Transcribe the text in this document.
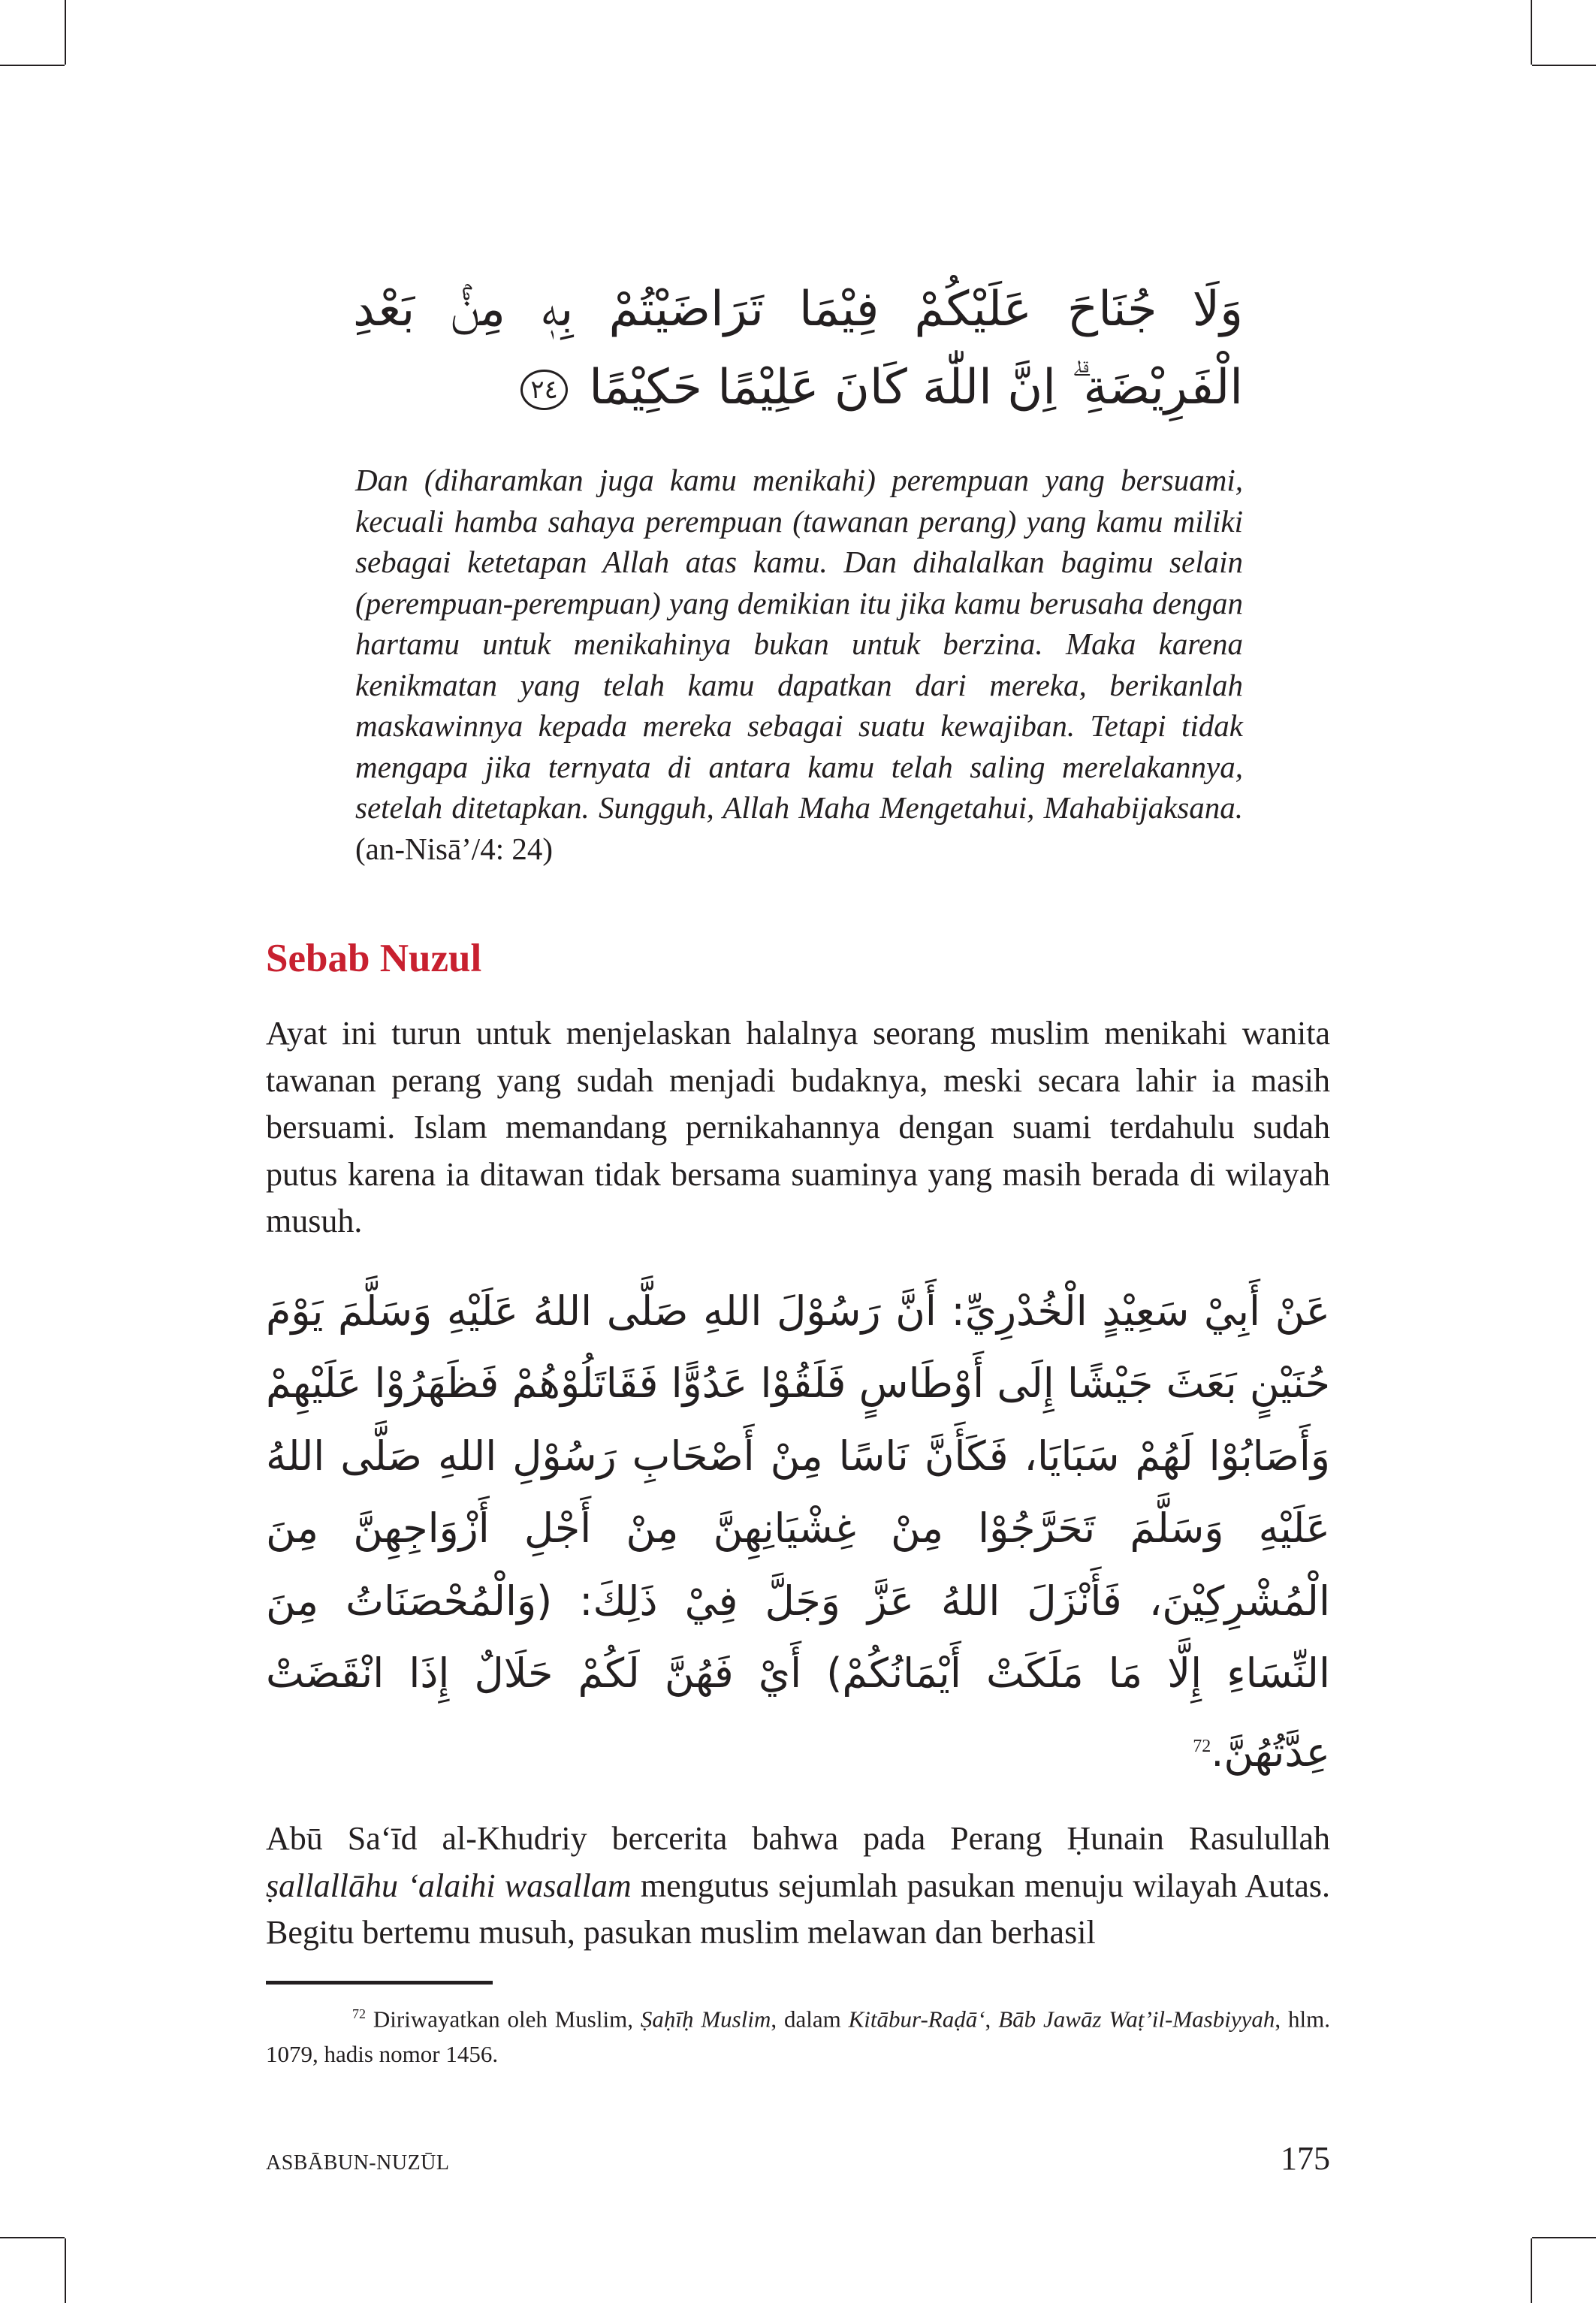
وَلَا جُنَاحَ عَلَيْكُمْ فِيْمَا تَرَاضَيْتُمْ بِهٖ مِنْۢ بَعْدِ الْفَرِيْضَةِ ۗ اِنَّ اللّٰهَ كَانَ عَلِيْمًا حَكِيْمًا ٢٤

Dan (diharamkan juga kamu menikahi) perempuan yang bersuami, kecuali hamba sahaya perempuan (tawanan perang) yang kamu miliki sebagai ketetapan Allah atas kamu. Dan dihalalkan bagimu selain (perempuan-perempuan) yang demikian itu jika kamu berusaha dengan hartamu untuk menikahinya bukan untuk berzina. Maka karena kenikmatan yang telah kamu dapatkan dari mereka, berikanlah maskawinnya kepada mereka sebagai suatu kewajiban. Tetapi tidak mengapa jika ternyata di antara kamu telah saling merelakannya, setelah ditetapkan. Sungguh, Allah Maha Mengetahui, Mahabijaksana. (an-Nisā’/4: 24)

Sebab Nuzul

Ayat ini turun untuk menjelaskan halalnya seorang muslim menikahi wanita tawanan perang yang sudah menjadi budaknya, meski secara lahir ia masih bersuami. Islam memandang pernikahannya dengan suami terdahulu sudah putus karena ia ditawan tidak bersama suaminya yang masih berada di wilayah musuh.

عَنْ أَبِيْ سَعِيْدٍ الْخُدْرِيِّ: أَنَّ رَسُوْلَ اللهِ صَلَّى اللهُ عَلَيْهِ وَسَلَّمَ يَوْمَ حُنَيْنٍ بَعَثَ جَيْشًا إِلَى أَوْطَاسٍ فَلَقُوْا عَدُوًّا فَقَاتَلُوْهُمْ فَظَهَرُوْا عَلَيْهِمْ وَأَصَابُوْا لَهُمْ سَبَايَا، فَكَأَنَّ نَاسًا مِنْ أَصْحَابِ رَسُوْلِ اللهِ صَلَّى اللهُ عَلَيْهِ وَسَلَّمَ تَحَرَّجُوْا مِنْ غِشْيَانِهِنَّ مِنْ أَجْلِ أَزْوَاجِهِنَّ مِنَ الْمُشْرِكِيْنَ، فَأَنْزَلَ اللهُ عَزَّ وَجَلَّ فِيْ ذَلِكَ: (وَالْمُحْصَنَاتُ مِنَ النِّسَاءِ إِلَّا مَا مَلَكَتْ أَيْمَانُكُمْ) أَيْ فَهُنَّ لَكُمْ حَلَالٌ إِذَا انْقَضَتْ عِدَّتُهُنَّ.$^{72}$

Abū Sa‘īd al-Khudriy bercerita bahwa pada Perang Ḥunain Rasulullah ṣallallāhu ‘alaihi wasallam mengutus sejumlah pasukan menuju wilayah Autas. Begitu bertemu musuh, pasukan muslim melawan dan berhasil

$^{72}$ Diriwayatkan oleh Muslim, Ṣaḥīḥ Muslim, dalam Kitābur-Raḍā‘, Bāb Jawāz Waṭ’il-Masbiyyah, hlm. 1079, hadis nomor 1456.

ASBĀBUN-NUZŪL	175
